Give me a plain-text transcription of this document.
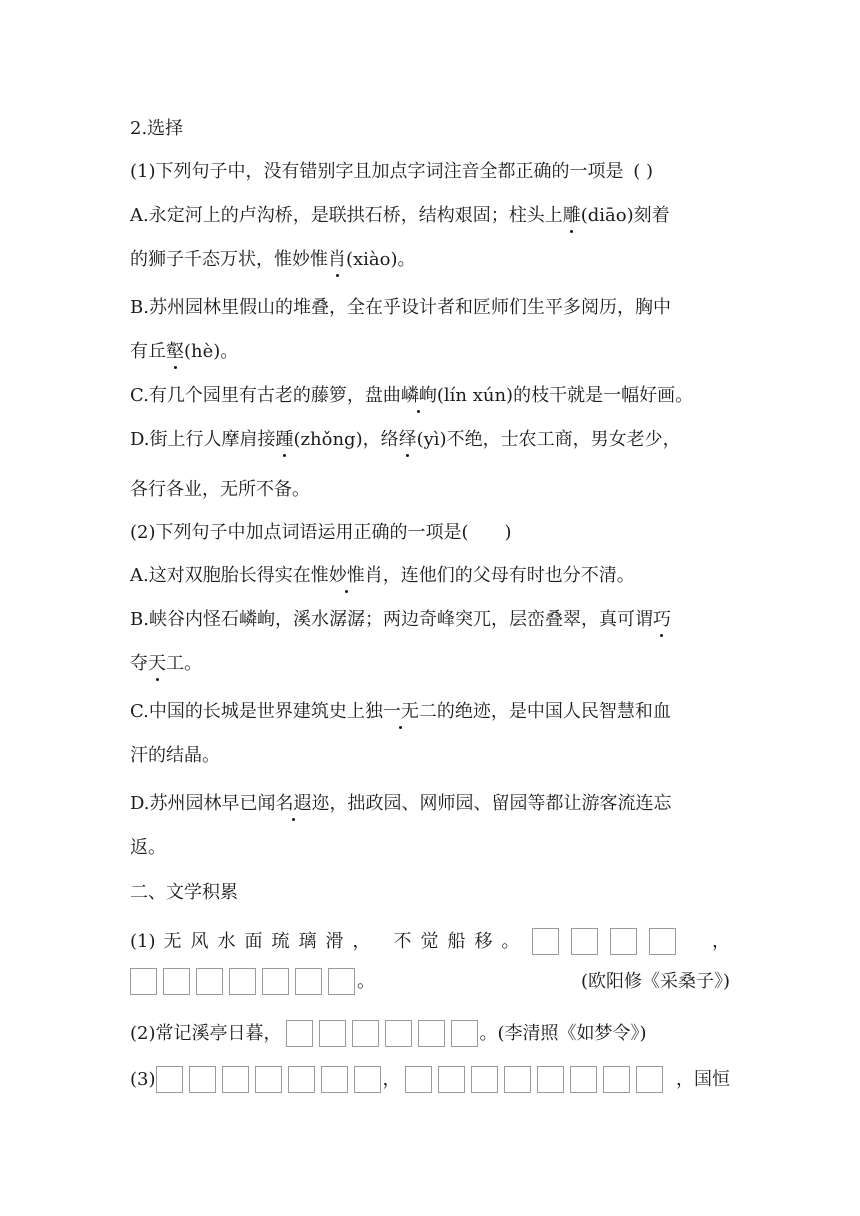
2.选择
(1)下列句子中，没有错别字且加点字词注音全都正确的一项是 ( )
A.永定河上的卢沟桥，是联拱石桥，结构艰固；柱头上雕(diāo)刻着
的狮子千态万状，惟妙惟肖(xiào)。
B.苏州园林里假山的堆叠，全在乎设计者和匠师们生平多阅历，胸中
有丘壑(hè)。
C.有几个园里有古老的藤箩，盘曲嶙峋(lín xún)的枝干就是一幅好画。
D.街上行人摩肩接踵(zhǒng)，络绎(yì)不绝，士农工商，男女老少，
各行各业，无所不备。
(2)下列句子中加点词语运用正确的一项是( )
A.这对双胞胎长得实在惟妙惟肖，连他们的父母有时也分不清。
B.峡谷内怪石嶙峋，溪水潺潺；两边奇峰突兀，层峦叠翠，真可谓巧
夺天工。
C.中国的长城是世界建筑史上独一无二的绝迹，是中国人民智慧和血
汗的结晶。
D.苏州园林早已闻名遐迩，拙政园、网师园、留园等都让游客流连忘
返。
二、文学积累
(1) 无 风 水 面 琉 璃 滑 ， 不 觉 船 移 。	，
。	(欧阳修《采桑子》)
(2)常记溪亭日暮，	。(李清照《如梦令》)
(3)	，	，国恒
